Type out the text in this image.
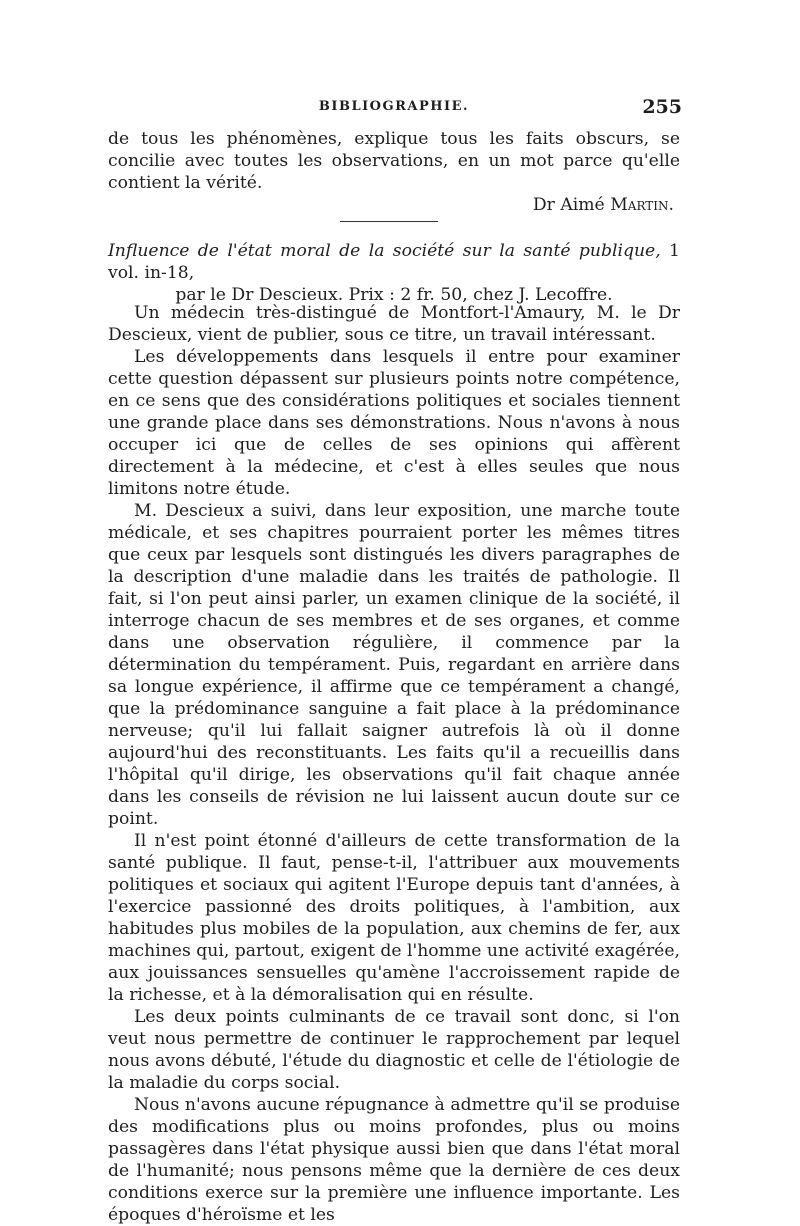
BIBLIOGRAPHIE.	255

de tous les phénomènes, explique tous les faits obscurs, se concilie avec toutes les observations, en un mot parce qu'elle contient la vérité.

Dr Aimé Martin.

Influence de l'état moral de la société sur la santé publique, 1 vol. in-18,

par le Dr Descieux. Prix : 2 fr. 50, chez J. Lecoffre.

Un médecin très-distingué de Montfort-l'Amaury, M. le Dr Descieux, vient de publier, sous ce titre, un travail intéressant.

Les développements dans lesquels il entre pour examiner cette question dépassent sur plusieurs points notre compétence, en ce sens que des considérations politiques et sociales tiennent une grande place dans ses démonstrations. Nous n'avons à nous occuper ici que de celles de ses opinions qui affèrent directement à la médecine, et c'est à elles seules que nous limitons notre étude.

M. Descieux a suivi, dans leur exposition, une marche toute médicale, et ses chapitres pourraient porter les mêmes titres que ceux par lesquels sont distingués les divers paragraphes de la description d'une maladie dans les traités de pathologie. Il fait, si l'on peut ainsi parler, un examen clinique de la société, il interroge chacun de ses membres et de ses organes, et comme dans une observation régulière, il commence par la détermination du tempérament. Puis, regardant en arrière dans sa longue expérience, il affirme que ce tempérament a changé, que la prédominance sanguine a fait place à la prédominance nerveuse; qu'il lui fallait saigner autrefois là où il donne aujourd'hui des reconstituants. Les faits qu'il a recueillis dans l'hôpital qu'il dirige, les observations qu'il fait chaque année dans les conseils de révision ne lui laissent aucun doute sur ce point.

Il n'est point étonné d'ailleurs de cette transformation de la santé publique. Il faut, pense-t-il, l'attribuer aux mouvements politiques et sociaux qui agitent l'Europe depuis tant d'années, à l'exercice passionné des droits politiques, à l'ambition, aux habitudes plus mobiles de la population, aux chemins de fer, aux machines qui, partout, exigent de l'homme une activité exagérée, aux jouissances sensuelles qu'amène l'accroissement rapide de la richesse, et à la démoralisation qui en résulte.

Les deux points culminants de ce travail sont donc, si l'on veut nous permettre de continuer le rapprochement par lequel nous avons débuté, l'étude du diagnostic et celle de l'étiologie de la maladie du corps social.

Nous n'avons aucune répugnance à admettre qu'il se produise des modifications plus ou moins profondes, plus ou moins passagères dans l'état physique aussi bien que dans l'état moral de l'humanité; nous pensons même que la dernière de ces deux conditions exerce sur la première une influence importante. Les époques d'héroïsme et les
